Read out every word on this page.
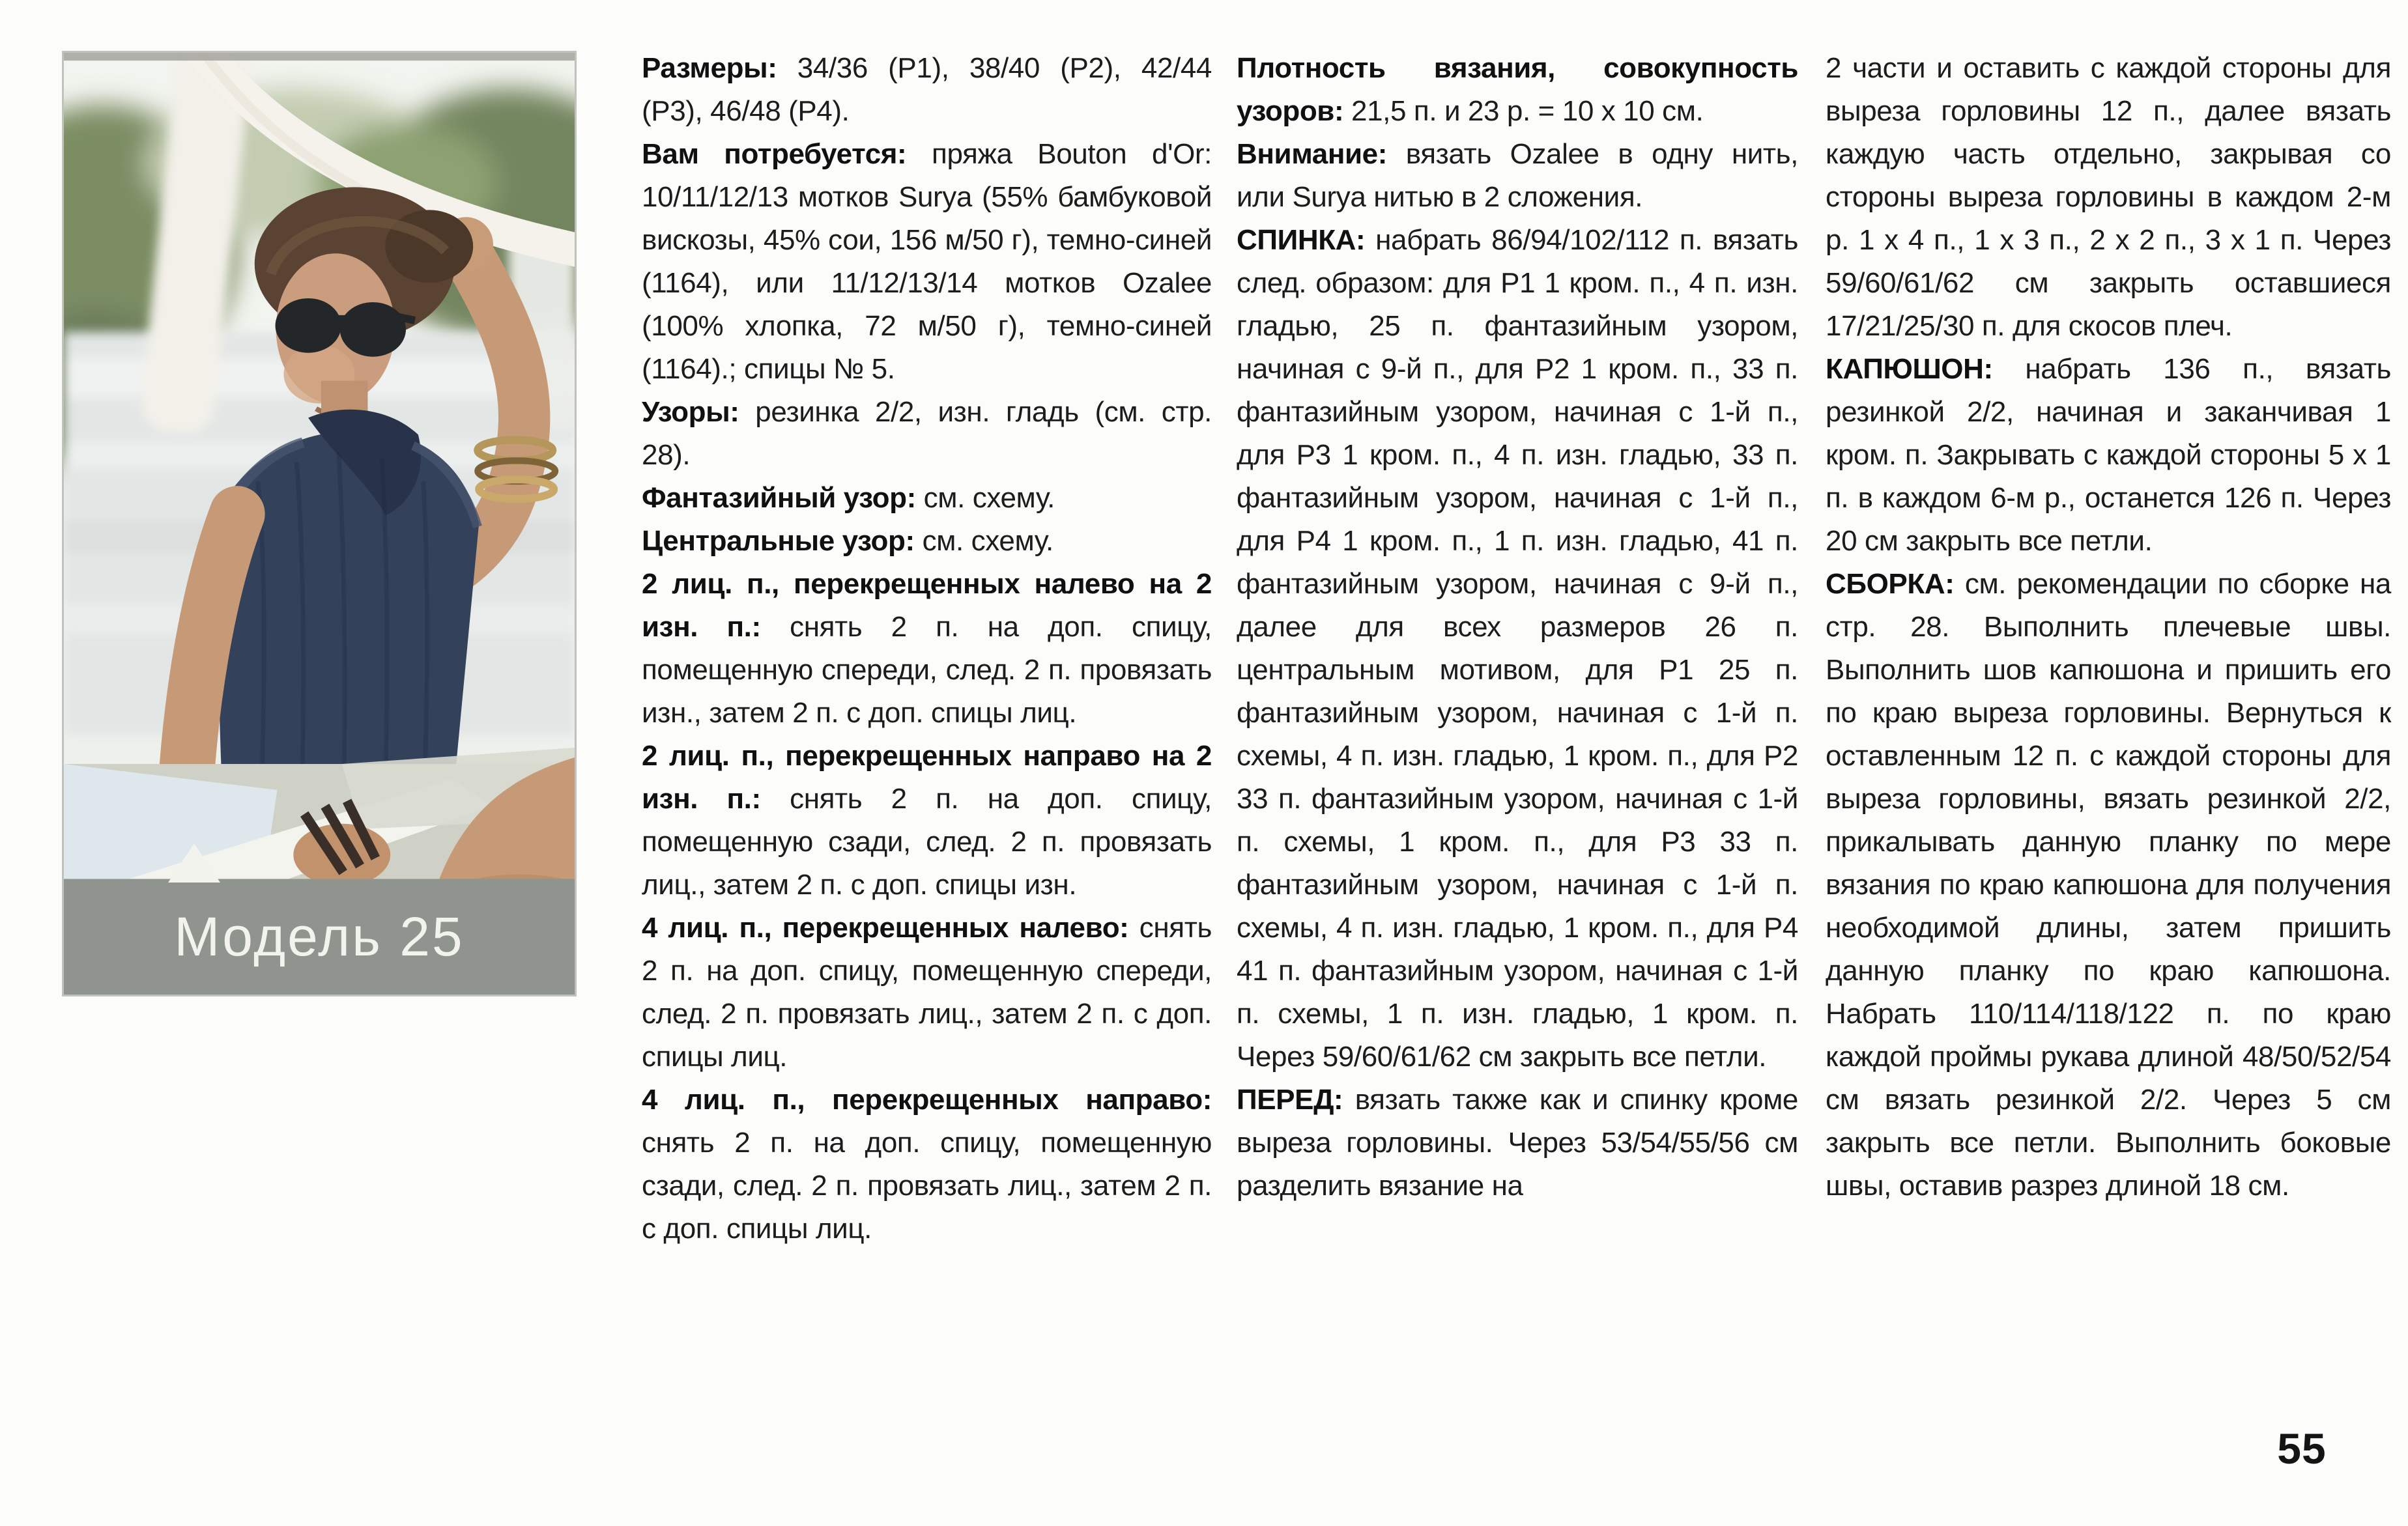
Модель 25

Размеры: 34/36 (Р1), 38/40 (Р2), 42/44 (Р3), 46/48 (Р4).

Вам потребуется: пряжа Bouton d'Or: 10/11/12/13 мотков Surya (55% бамбуковой вискозы, 45% сои, 156 м/50 г), темно-синей (1164), или 11/12/13/14 мотков Ozalee (100% хлопка, 72 м/50 г), темно-синей (1164).; спицы № 5.

Узоры: резинка 2/2, изн. гладь (см. стр. 28).

Фантазийный узор: см. схему.

Центральные узор: см. схему.

2 лиц. п., перекрещенных налево на 2 изн. п.: снять 2 п. на доп. спицу, помещенную спереди, след. 2 п. провязать изн., затем 2 п. с доп. спицы лиц.

2 лиц. п., перекрещенных направо на 2 изн. п.: снять 2 п. на доп. спицу, помещенную сзади, след. 2 п. провязать лиц., затем 2 п. с доп. спицы изн.

4 лиц. п., перекрещенных налево: снять 2 п. на доп. спицу, помещенную спереди, след. 2 п. провязать лиц., затем 2 п. с доп. спицы лиц.

4 лиц. п., перекрещенных направо: снять 2 п. на доп. спицу, помещенную сзади, след. 2 п. провязать лиц., затем 2 п. с доп. спицы лиц.

Плотность вязания, совокупность узоров: 21,5 п. и 23 р. = 10 х 10 см.

Внимание: вязать Ozalee в одну нить, или Surya нитью в 2 сложения.

СПИНКА: набрать 86/94/102/112 п. вязать след. образом: для Р1 1 кром. п., 4 п. изн. гладью, 25 п. фантазийным узором, начиная с 9-й п., для Р2 1 кром. п., 33 п. фантазийным узором, начиная с 1-й п., для Р3 1 кром. п., 4 п. изн. гладью, 33 п. фантазийным узором, начиная с 1-й п., для Р4 1 кром. п., 1 п. изн. гладью, 41 п. фантазийным узором, начиная с 9-й п., далее для всех размеров 26 п. центральным мотивом, для Р1 25 п. фантазийным узором, начиная с 1-й п. схемы, 4 п. изн. гладью, 1 кром. п., для Р2 33 п. фантазийным узором, начиная с 1-й п. схемы, 1 кром. п., для Р3 33 п. фантазийным узором, начиная с 1-й п. схемы, 4 п. изн. гладью, 1 кром. п., для Р4 41 п. фантазийным узором, начиная с 1-й п. схемы, 1 п. изн. гладью, 1 кром. п. Через 59/60/61/62 см закрыть все петли.

ПЕРЕД: вязать также как и спинку кроме выреза горловины. Через 53/54/55/56 см разделить вязание на

2 части и оставить с каждой стороны для выреза горловины 12 п., далее вязать каждую часть отдельно, закрывая со стороны выреза горловины в каждом 2-м р. 1 х 4 п., 1 х 3 п., 2 х 2 п., 3 х 1 п. Через 59/60/61/62 см закрыть оставшиеся 17/21/25/30 п. для скосов плеч.

КАПЮШОН: набрать 136 п., вязать резинкой 2/2, начиная и заканчивая 1 кром. п. Закрывать с каждой стороны 5 х 1 п. в каждом 6-м р., останется 126 п. Через 20 см закрыть все петли.

СБОРКА: см. рекомендации по сборке на стр. 28. Выполнить плечевые швы. Выполнить шов капюшона и пришить его по краю выреза горловины. Вернуться к оставленным 12 п. с каждой стороны для выреза горловины, вязать резинкой 2/2, прикалывать данную планку по мере вязания по краю капюшона для получения необходимой длины, затем пришить данную планку по краю капюшона. Набрать 110/114/118/122 п. по краю каждой проймы рукава длиной 48/50/52/54 см вязать резинкой 2/2. Через 5 см закрыть все петли. Выполнить боковые швы, оставив разрез длиной 18 см.

55
